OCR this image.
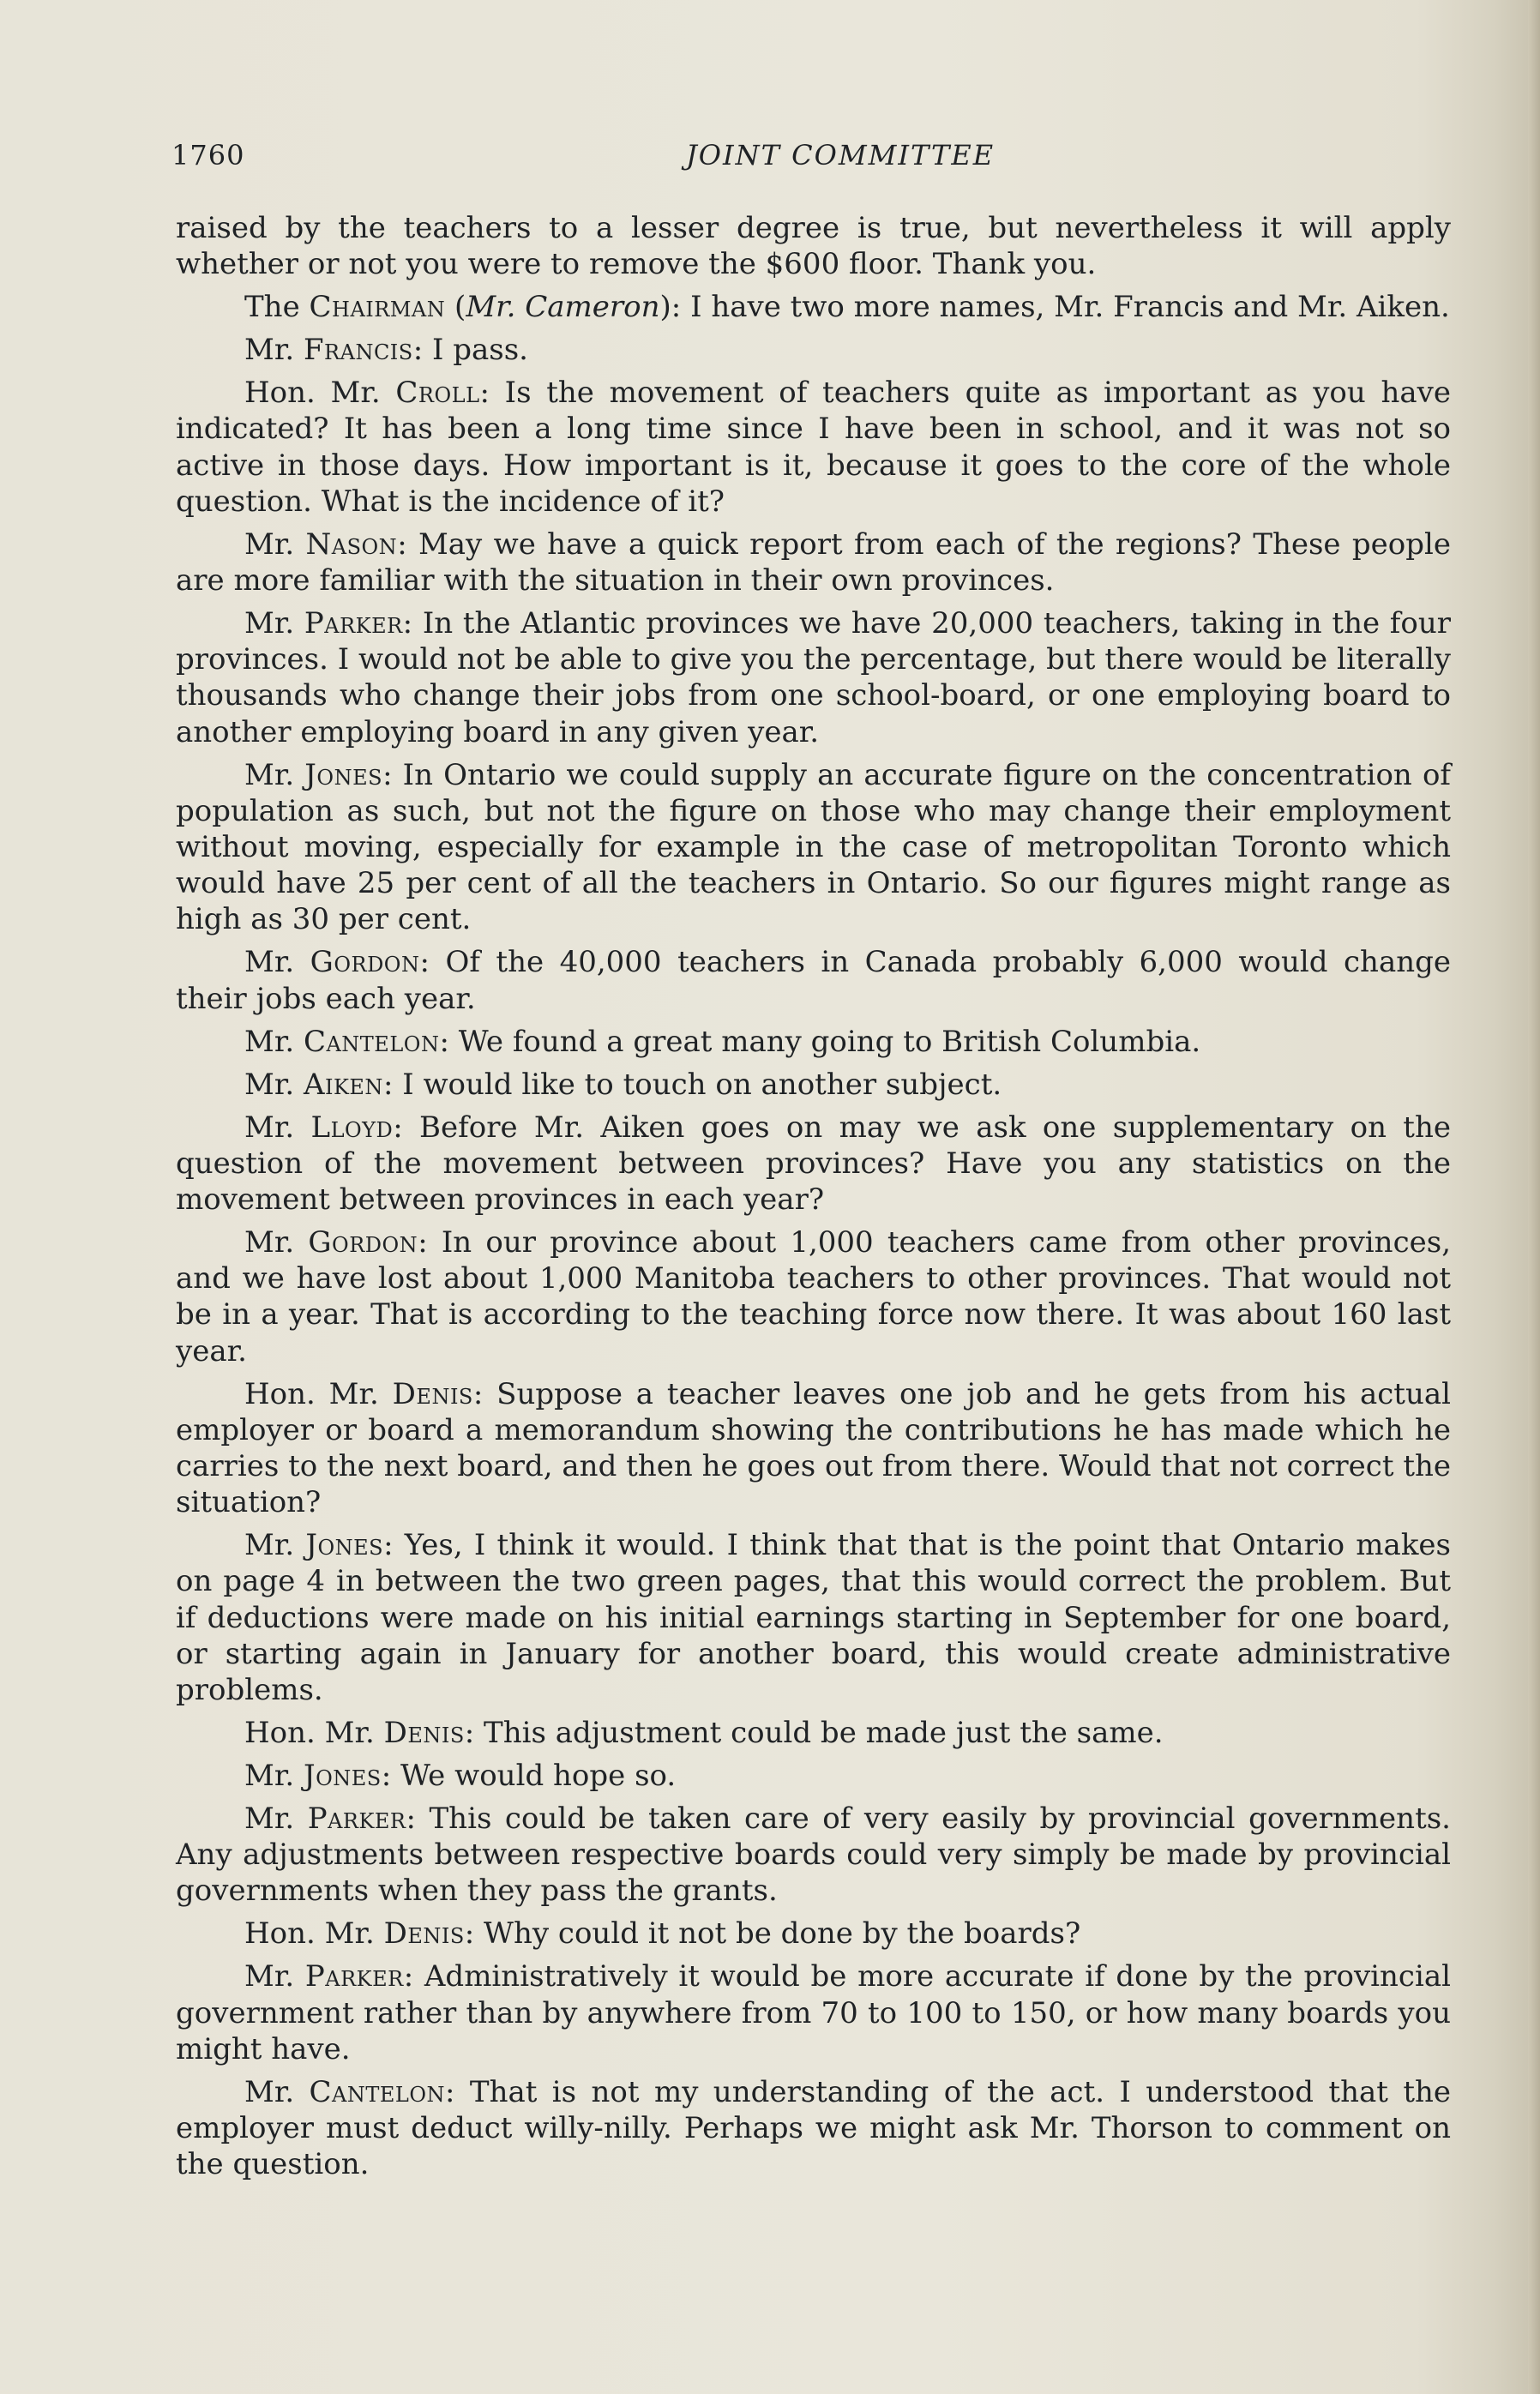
1760	JOINT COMMITTEE

raised by the teachers to a lesser degree is true, but nevertheless it will apply whether or not you were to remove the $600 floor. Thank you.

The Chairman (Mr. Cameron): I have two more names, Mr. Francis and Mr. Aiken.

Mr. Francis: I pass.

Hon. Mr. Croll: Is the movement of teachers quite as important as you have indicated? It has been a long time since I have been in school, and it was not so active in those days. How important is it, because it goes to the core of the whole question. What is the incidence of it?

Mr. Nason: May we have a quick report from each of the regions? These people are more familiar with the situation in their own provinces.

Mr. Parker: In the Atlantic provinces we have 20,000 teachers, taking in the four provinces. I would not be able to give you the percentage, but there would be literally thousands who change their jobs from one school-board, or one employing board to another employing board in any given year.

Mr. Jones: In Ontario we could supply an accurate figure on the concentration of population as such, but not the figure on those who may change their employment without moving, especially for example in the case of metropolitan Toronto which would have 25 per cent of all the teachers in Ontario. So our figures might range as high as 30 per cent.

Mr. Gordon: Of the 40,000 teachers in Canada probably 6,000 would change their jobs each year.

Mr. Cantelon: We found a great many going to British Columbia.

Mr. Aiken: I would like to touch on another subject.

Mr. Lloyd: Before Mr. Aiken goes on may we ask one supplementary on the question of the movement between provinces? Have you any statistics on the movement between provinces in each year?

Mr. Gordon: In our province about 1,000 teachers came from other provinces, and we have lost about 1,000 Manitoba teachers to other provinces. That would not be in a year. That is according to the teaching force now there. It was about 160 last year.

Hon. Mr. Denis: Suppose a teacher leaves one job and he gets from his actual employer or board a memorandum showing the contributions he has made which he carries to the next board, and then he goes out from there. Would that not correct the situation?

Mr. Jones: Yes, I think it would. I think that that is the point that Ontario makes on page 4 in between the two green pages, that this would correct the problem. But if deductions were made on his initial earnings starting in September for one board, or starting again in January for another board, this would create administrative problems.

Hon. Mr. Denis: This adjustment could be made just the same.

Mr. Jones: We would hope so.

Mr. Parker: This could be taken care of very easily by provincial governments. Any adjustments between respective boards could very simply be made by provincial governments when they pass the grants.

Hon. Mr. Denis: Why could it not be done by the boards?

Mr. Parker: Administratively it would be more accurate if done by the provincial government rather than by anywhere from 70 to 100 to 150, or how many boards you might have.

Mr. Cantelon: That is not my understanding of the act. I understood that the employer must deduct willy-nilly. Perhaps we might ask Mr. Thorson to comment on the question.
